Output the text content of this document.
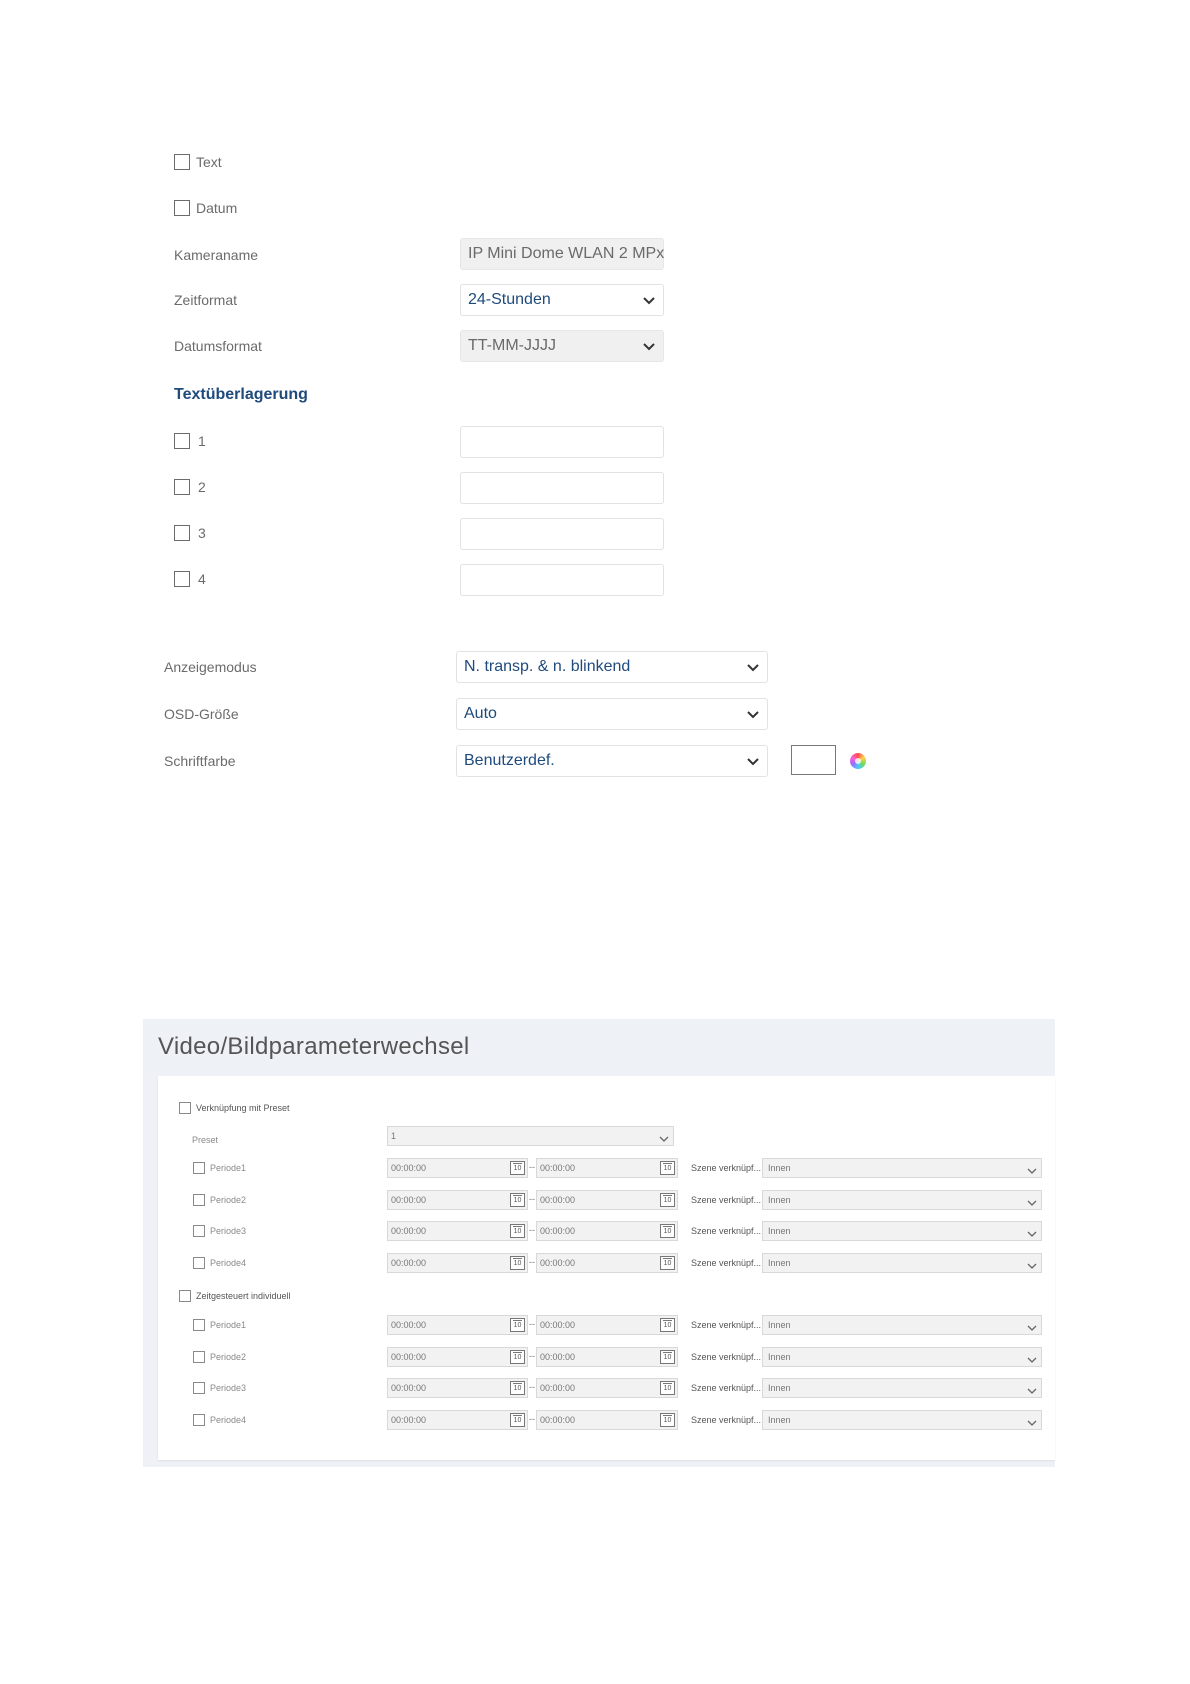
Text
Datum
Kameraname	IP Mini Dome WLAN 2 MPx
Zeitformat	24-Stunden
Datumsformat	TT-MM-JJJJ
Textüberlagerung
1
2
3
4
Anzeigemodus	N. transp. & n. blinkend
OSD-Größe	Auto
Schriftfarbe	Benutzerdef.
Video/Bildparameterwechsel
Verknüpfung mit Preset
Preset	1
Periode1	00:00:00	10 -- 00:00:00	10	Szene verknüpf... Innen
Periode2	00:00:00	10 -- 00:00:00	10	Szene verknüpf... Innen
Periode3	00:00:00	10 -- 00:00:00	10	Szene verknüpf... Innen
Periode4	00:00:00	10 -- 00:00:00	10	Szene verknüpf... Innen
Zeitgesteuert individuell
Periode1	00:00:00	10 -- 00:00:00	10	Szene verknüpf... Innen
Periode2	00:00:00	10 -- 00:00:00	10	Szene verknüpf... Innen
Periode3	00:00:00	10 -- 00:00:00	10	Szene verknüpf... Innen
Periode4	00:00:00	10 -- 00:00:00	10	Szene verknüpf... Innen
